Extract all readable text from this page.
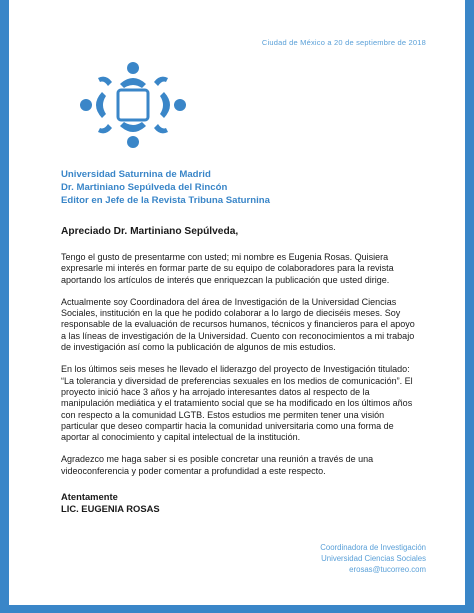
Ciudad de México a 20 de septiembre de 2018
Universidad Saturnina de Madrid
Dr. Martiniano Sepúlveda del Rincón
Editor en Jefe de la Revista Tribuna Saturnina
Apreciado Dr. Martiniano Sepúlveda,

Tengo el gusto de presentarme con usted; mi nombre es Eugenia Rosas. Quisiera expresarle mi interés en formar parte de su equipo de colaboradores para la revista aportando los artículos de interés que enriquezcan la publicación que usted dirige.

Actualmente soy Coordinadora del área de Investigación de la Universidad Ciencias Sociales, institución en la que he podido colaborar a lo largo de dieciséis meses. Soy responsable de la evaluación de recursos humanos, técnicos y financieros para el apoyo a las líneas de investigación de la Universidad. Cuento con reconocimientos a mi trabajo de investigación así como la publicación de algunos de mis estudios.

En los últimos seis meses he llevado el liderazgo del proyecto de Investigación titulado: “La tolerancia y diversidad de preferencias sexuales en los medios de comunicación”. El proyecto inició hace 3 años y ha arrojado interesantes datos al respecto de la manipulación mediática y el tratamiento social que se ha modificado en los últimos años con respecto a la comunidad LGTB. Estos estudios me permiten tener una visión particular que deseo compartir hacia la comunidad universitaria como una forma de aportar al conocimiento y capital intelectual de la institución.

Agradezco me haga saber si es posible concretar una reunión a través de una videoconferencia y poder comentar a profundidad a este respecto.

Atentamente
LIC. EUGENIA ROSAS
Coordinadora de Investigación
Universidad Ciencias Sociales
erosas@tucorreo.com
